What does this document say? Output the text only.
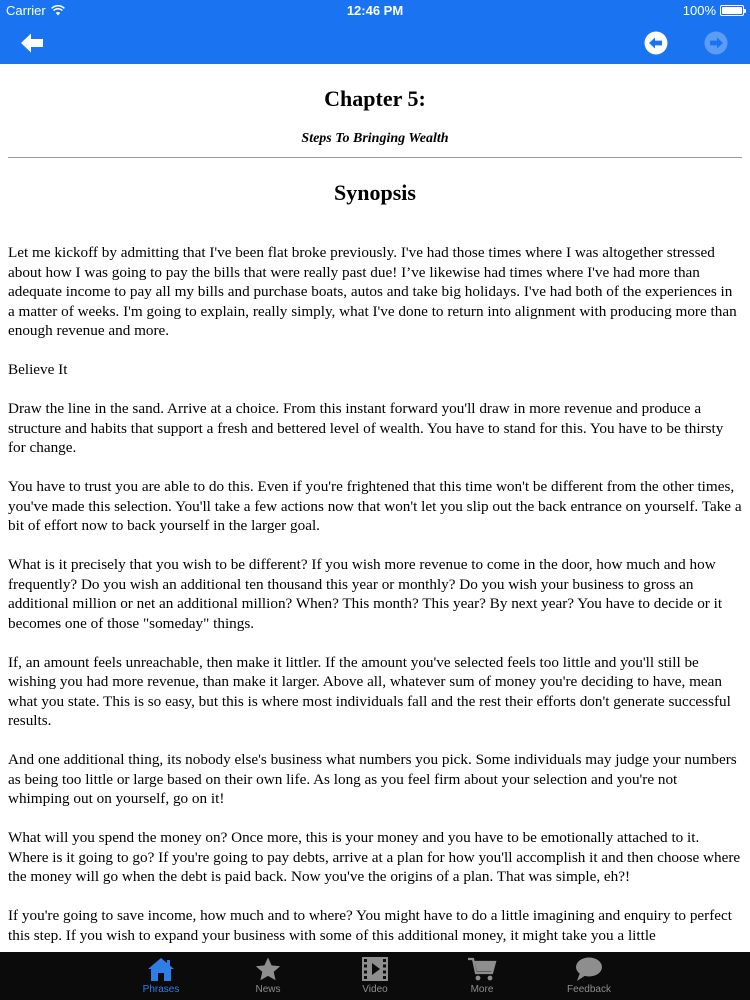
Carrier	12:46 PM	100%
Chapter 5:
Steps To Bringing Wealth
Synopsis

Let me kickoff by admitting that I've been flat broke previously. I've had those times where I was altogether stressed about how I was going to pay the bills that were really past due! I’ve likewise had times where I've had more than adequate income to pay all my bills and purchase boats, autos and take big holidays. I've had both of the experiences in a matter of weeks. I'm going to explain, really simply, what I've done to return into alignment with producing more than enough revenue and more.

Believe It

Draw the line in the sand. Arrive at a choice. From this instant forward you'll draw in more revenue and produce a structure and habits that support a fresh and bettered level of wealth. You have to stand for this. You have to be thirsty for change.

You have to trust you are able to do this. Even if you're frightened that this time won't be different from the other times, you've made this selection. You'll take a few actions now that won't let you slip out the back entrance on yourself. Take a bit of effort now to back yourself in the larger goal.

What is it precisely that you wish to be different? If you wish more revenue to come in the door, how much and how frequently? Do you wish an additional ten thousand this year or monthly? Do you wish your business to gross an additional million or net an additional million? When? This month? This year? By next year? You have to decide or it becomes one of those "someday" things.

If, an amount feels unreachable, then make it littler. If the amount you've selected feels too little and you'll still be wishing you had more revenue, than make it larger. Above all, whatever sum of money you're deciding to have, mean what you state. This is so easy, but this is where most individuals fall and the rest their efforts don't generate successful results.

And one additional thing, its nobody else's business what numbers you pick. Some individuals may judge your numbers as being too little or large based on their own life. As long as you feel firm about your selection and you're not whimping out on yourself, go on it!

What will you spend the money on? Once more, this is your money and you have to be emotionally attached to it. Where is it going to go? If you're going to pay debts, arrive at a plan for how you'll accomplish it and then choose where the money will go when the debt is paid back. Now you've the origins of a plan. That was simple, eh?!

If you're going to save income, how much and to where? You might have to do a little imagining and enquiry to perfect this step. If you wish to expand your business with some of this additional money, it might take you a little

Phrases	News	Video	More	Feedback
